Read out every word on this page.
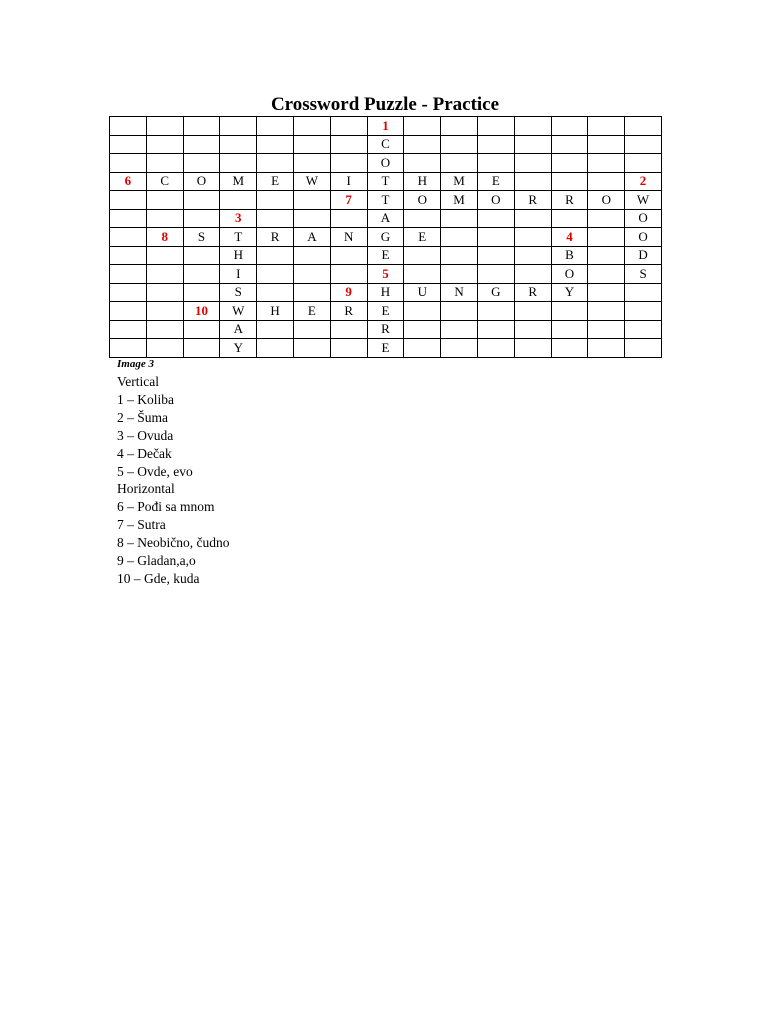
Crossword Puzzle - Practice
							1							
							C							
							O							
6	C	O	M	E	W	I	T	H	M	E				2
						7	T	O	M	O	R	R	O	W
			3				A							O
	8	S	T	R	A	N	G	E				4		O
			H				E					B		D
			I				5					O		S
			S			9	H	U	N	G	R	Y		
		10	W	H	E	R	E							
			A				R							
			Y				E							
Image 3
Vertical
1 – Koliba
2 – Šuma
3 – Ovuda
4 – Dečak
5 – Ovde, evo
Horizontal
6 – Pođi sa mnom
7 – Sutra
8 – Neobično, čudno
9 – Gladan,a,o
10 – Gde, kuda
